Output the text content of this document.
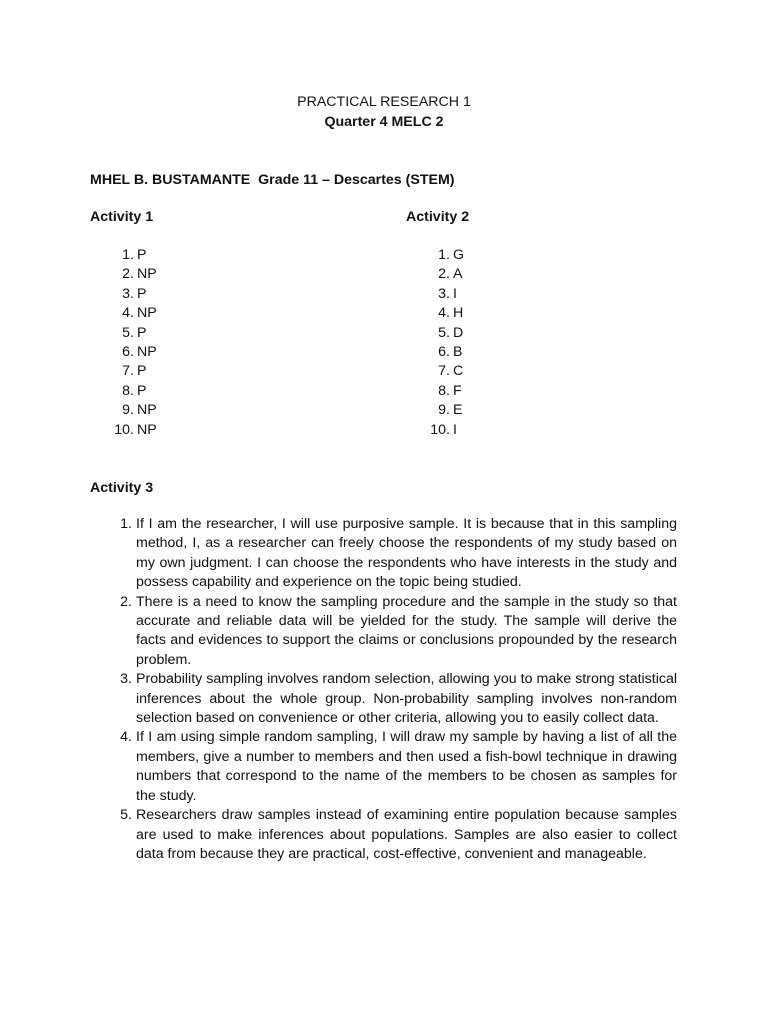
PRACTICAL RESEARCH 1
Quarter 4 MELC 2
MHEL B. BUSTAMANTE  Grade 11 – Descartes (STEM)
Activity 1	Activity 2
1. P
2. NP
3. P
4. NP
5. P
6. NP
7. P
8. P
9. NP
10. NP
1. G
2. A
3. I
4. H
5. D
6. B
7. C
8. F
9. E
10. I
Activity 3
1. If I am the researcher, I will use purposive sample. It is because that in this sampling method, I, as a researcher can freely choose the respondents of my study based on my own judgment. I can choose the respondents who have interests in the study and possess capability and experience on the topic being studied.
2. There is a need to know the sampling procedure and the sample in the study so that accurate and reliable data will be yielded for the study. The sample will derive the facts and evidences to support the claims or conclusions propounded by the research problem.
3. Probability sampling involves random selection, allowing you to make strong statistical inferences about the whole group. Non-probability sampling involves non-random selection based on convenience or other criteria, allowing you to easily collect data.
4. If I am using simple random sampling, I will draw my sample by having a list of all the members, give a number to members and then used a fish-bowl technique in drawing numbers that correspond to the name of the members to be chosen as samples for the study.
5. Researchers draw samples instead of examining entire population because samples are used to make inferences about populations. Samples are also easier to collect data from because they are practical, cost-effective, convenient and manageable.
